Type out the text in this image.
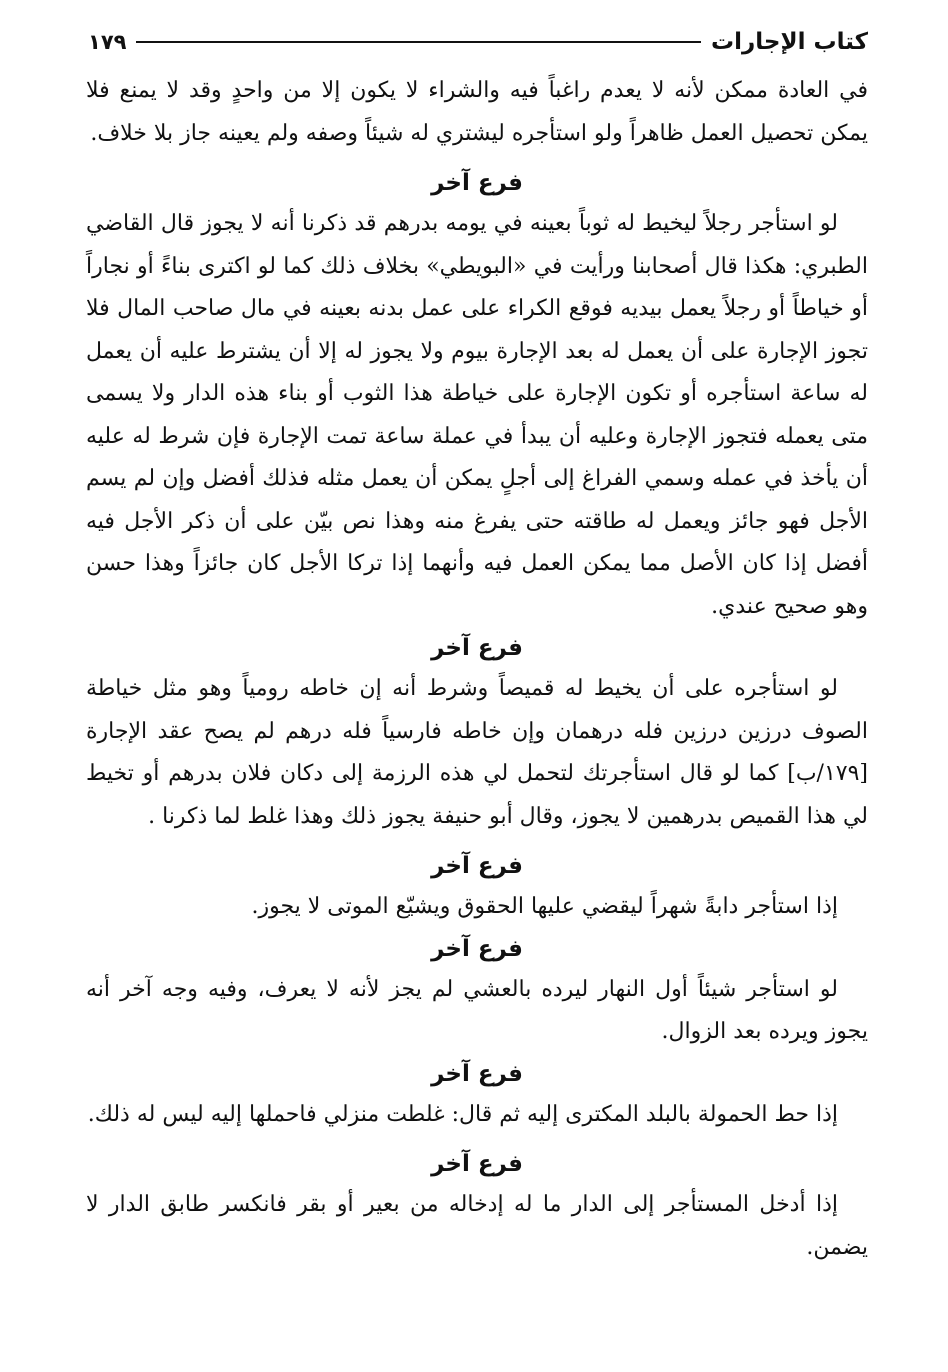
كتاب الإجارات
١٧٩

في العادة ممكن لأنه لا يعدم راغباً فيه والشراء لا يكون إلا من واحدٍ وقد لا يمنع فلا يمكن تحصيل العمل ظاهراً ولو استأجره ليشتري له شيئاً وصفه ولم يعينه جاز بلا خلاف.

فرع آخر

لو استأجر رجلاً ليخيط له ثوباً بعينه في يومه بدرهم قد ذكرنا أنه لا يجوز قال القاضي الطبري: هكذا قال أصحابنا ورأيت في «البويطي» بخلاف ذلك كما لو اكترى بناءً أو نجاراً أو خياطاً أو رجلاً يعمل بيديه فوقع الكراء على عمل بدنه بعينه في مال صاحب المال فلا تجوز الإجارة على أن يعمل له بعد الإجارة بيوم ولا يجوز له إلا أن يشترط عليه أن يعمل له ساعة استأجره أو تكون الإجارة على خياطة هذا الثوب أو بناء هذه الدار ولا يسمى متى يعمله فتجوز الإجارة وعليه أن يبدأ في عملة ساعة تمت الإجارة فإن شرط له عليه أن يأخذ في عمله وسمي الفراغ إلى أجلٍ يمكن أن يعمل مثله فذلك أفضل وإن لم يسم الأجل فهو جائز ويعمل له طاقته حتى يفرغ منه وهذا نص بيّن على أن ذكر الأجل فيه أفضل إذا كان الأصل مما يمكن العمل فيه وأنهما إذا تركا الأجل كان جائزاً وهذا حسن وهو صحيح عندي.

فرع آخر

لو استأجره على أن يخيط له قميصاً وشرط أنه إن خاطه رومياً وهو مثل خياطة الصوف درزين درزين فله درهمان وإن خاطه فارسياً فله درهم لم يصح عقد الإجارة [١٧٩/ب] كما لو قال استأجرتك لتحمل لي هذه الرزمة إلى دكان فلان بدرهم أو تخيط لي هذا القميص بدرهمين لا يجوز، وقال أبو حنيفة يجوز ذلك وهذا غلط لما ذكرنا .

فرع آخر

إذا استأجر دابةً شهراً ليقضي عليها الحقوق ويشيّع الموتى لا يجوز.

فرع آخر

لو استأجر شيئاً أول النهار ليرده بالعشي لم يجز لأنه لا يعرف، وفيه وجه آخر أنه يجوز ويرده بعد الزوال.

فرع آخر

إذا حط الحمولة بالبلد المكترى إليه ثم قال: غلطت منزلي فاحملها إليه ليس له ذلك.

فرع آخر

إذا أدخل المستأجر إلى الدار ما له إدخاله من بعير أو بقر فانكسر طابق الدار لا يضمن.
